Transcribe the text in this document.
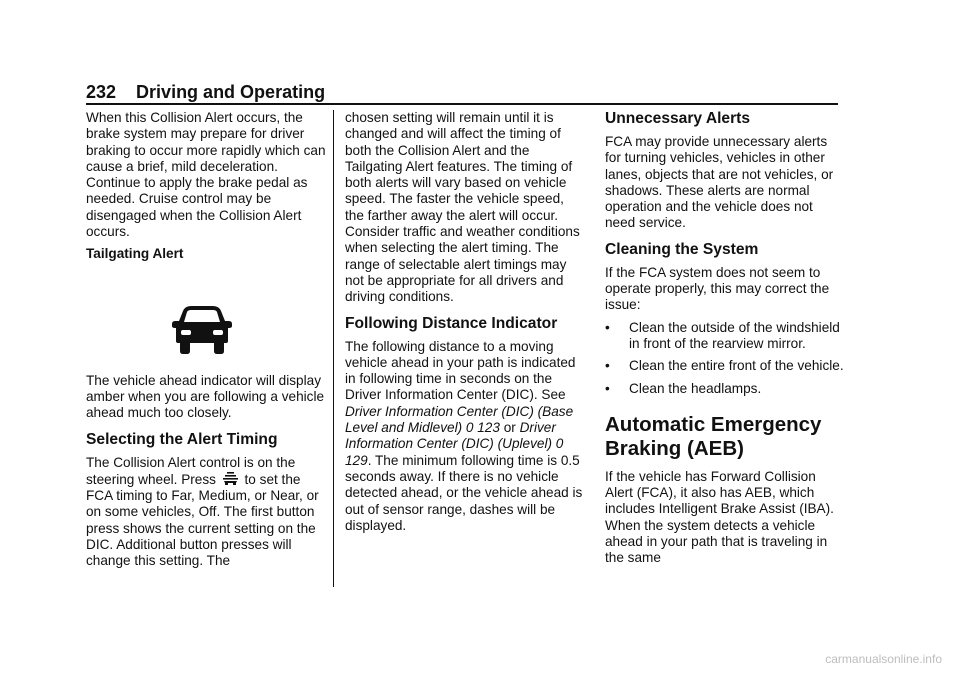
232 Driving and Operating

When this Collision Alert occurs, the brake system may prepare for driver braking to occur more rapidly which can cause a brief, mild deceleration. Continue to apply the brake pedal as needed. Cruise control may be disengaged when the Collision Alert occurs.

Tailgating Alert

The vehicle ahead indicator will display amber when you are following a vehicle ahead much too closely.

Selecting the Alert Timing

The Collision Alert control is on the steering wheel. Press to set the FCA timing to Far, Medium, or Near, or on some vehicles, Off. The first button press shows the current setting on the DIC. Additional button presses will change this setting. The

chosen setting will remain until it is changed and will affect the timing of both the Collision Alert and the Tailgating Alert features. The timing of both alerts will vary based on vehicle speed. The faster the vehicle speed, the farther away the alert will occur. Consider traffic and weather conditions when selecting the alert timing. The range of selectable alert timings may not be appropriate for all drivers and driving conditions.

Following Distance Indicator

The following distance to a moving vehicle ahead in your path is indicated in following time in seconds on the Driver Information Center (DIC). See Driver Information Center (DIC) (Base Level and Midlevel) 0 123 or Driver Information Center (DIC) (Uplevel) 0 129. The minimum following time is 0.5 seconds away. If there is no vehicle detected ahead, or the vehicle ahead is out of sensor range, dashes will be displayed.

Unnecessary Alerts

FCA may provide unnecessary alerts for turning vehicles, vehicles in other lanes, objects that are not vehicles, or shadows. These alerts are normal operation and the vehicle does not need service.

Cleaning the System

If the FCA system does not seem to operate properly, this may correct the issue:

•	Clean the outside of the windshield in front of the rearview mirror.
•	Clean the entire front of the vehicle.
•	Clean the headlamps.
Automatic Emergency
Braking (AEB)

If the vehicle has Forward Collision Alert (FCA), it also has AEB, which includes Intelligent Brake Assist (IBA). When the system detects a vehicle ahead in your path that is traveling in the same

carmanualsonline.info
